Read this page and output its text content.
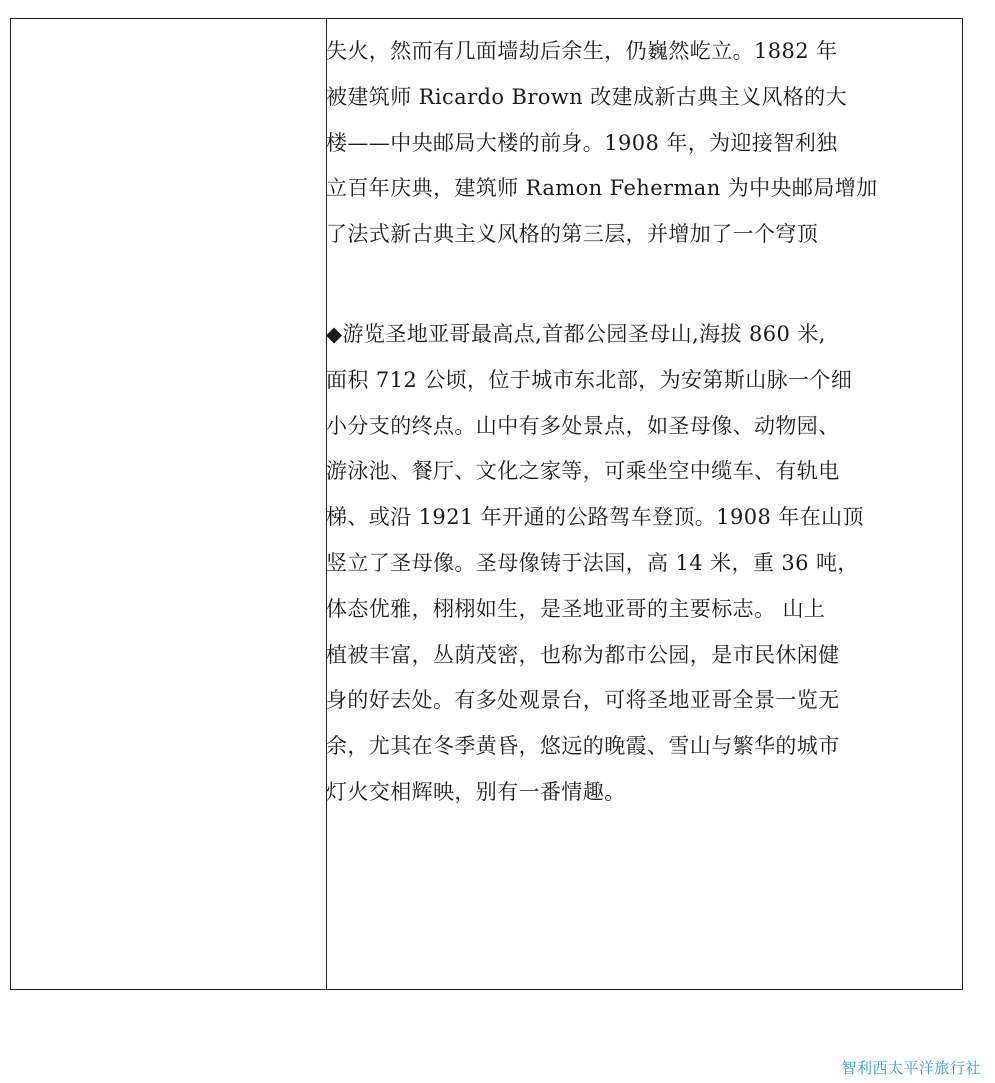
失火，然而有几面墙劫后余生，仍巍然屹立。1882 年
被建筑师 Ricardo Brown 改建成新古典主义风格的大
楼——中央邮局大楼的前身。1908 年，为迎接智利独
立百年庆典，建筑师 Ramon Feherman 为中央邮局增加
了法式新古典主义风格的第三层，并增加了一个穹顶
◆游览圣地亚哥最高点,首都公园圣母山,海拔 860 米,
面积 712 公顷，位于城市东北部，为安第斯山脉一个细
小分支的终点。山中有多处景点，如圣母像、动物园、
游泳池、餐厅、文化之家等，可乘坐空中缆车、有轨电
梯、或沿 1921 年开通的公路驾车登顶。1908 年在山顶
竖立了圣母像。圣母像铸于法国，高 14 米，重 36 吨，
体态优雅，栩栩如生，是圣地亚哥的主要标志。 山上
植被丰富，丛荫茂密，也称为都市公园，是市民休闲健
身的好去处。有多处观景台，可将圣地亚哥全景一览无
余，尤其在冬季黄昏，悠远的晚霞、雪山与繁华的城市
灯火交相辉映，别有一番情趣。
智利西太平洋旅行社
